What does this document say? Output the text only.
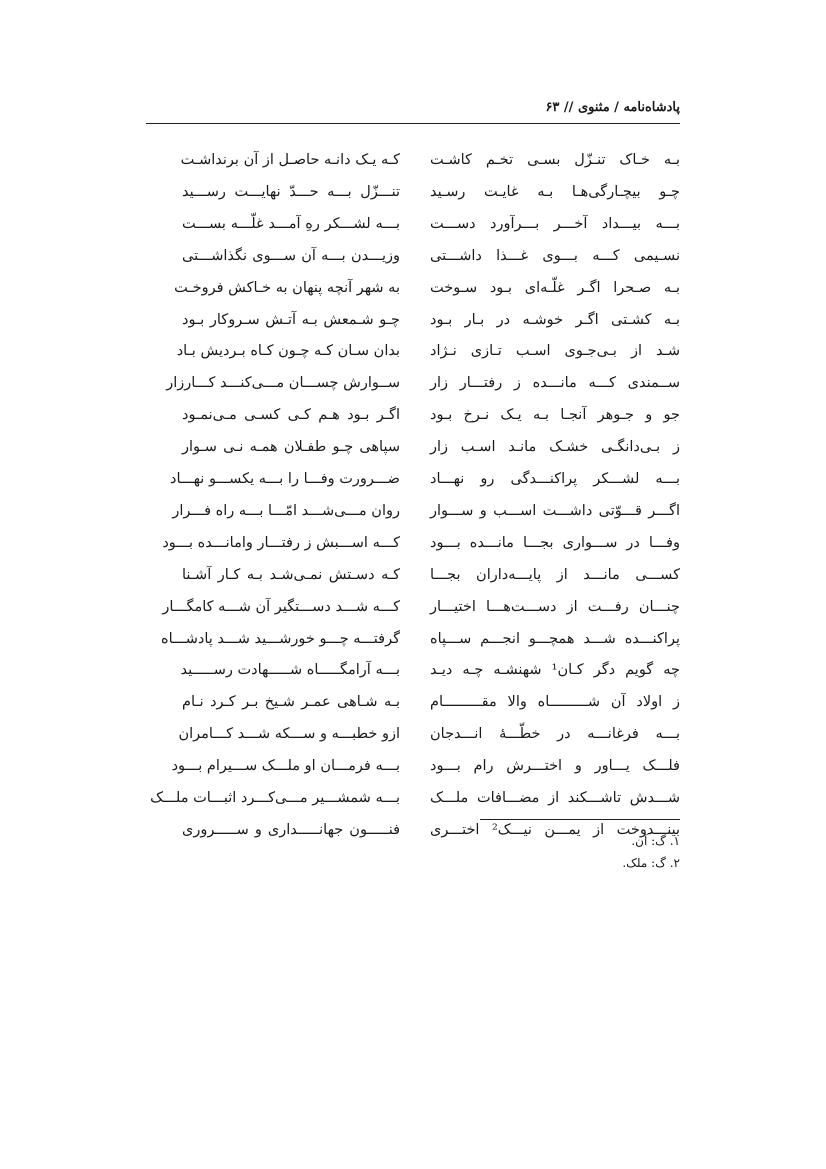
پادشاه‌نامه / مثنوی // ۶۳
بـه خـاک تنـزّل بسـی تخـم کاشـت
کـه یـک دانـه حاصـل از آن برنداشـت
چـو بیچـارگی‌هـا بـه غایـت رسـید
تنـــزّل بـــه حـــدّ نهایـــت رســـید
بـــه بیـــداد آخـــر بـــرآورد دســـت
بـــه لشـــکر رهِ آمـــد غلّـــه بســـت
نسـیمی کـــه بـــوی غـــذا داشـــتی
وزیـــدن بـــه آن ســـوی نگذاشـــتی
بـه صـحرا اگـر غلّـه‌ای بـود سـوخت
به شهر آنچه پنهان به خـاکش فروخـت
بـه کشـتی اگـر خوشـه در بـار بـود
چـو شـمعش بـه آتـش سـروکار بـود
شـد از بـی‌جـوی اسـب تـازی نـژاد
بدان سـان کـه چـون کـاه بـردیش بـاد
ســمندی کـــه مانـــده ز رفتـــار زار
ســوارش چســـان مـــی‌کنـــد کـــارزار
جو و جـوهر آنجـا بـه یـک نـرخ بـود
اگـر بـود هـم کـی کسـی مـی‌نمـود
ز بـی‌دانگـی خشـک مانـد اسـب زار
سپاهی چـو طفـلان همـه نـی سـوار
بـــه لشـــکر پراکنـــدگی رو نهـــاد
ضـــرورت وفـــا را بـــه یکســـو نهـــاد
اگـــر قـــوّتی داشـــت اســـب و ســـوار
روان مـــی‌شـــد امّـــا بـــه راه فـــرار
وفـــا در ســـواری بجـــا مانـــده بـــود
کـــه اســـبش ز رفتـــار وامانـــده بـــود
کســـی مانـــد از پایـــه‌داران بجـــا
کـه دسـتش نمـی‌شـد بـه کـار آشـنا
چنـــان رفـــت از دســـت‌هـــا اختیـــار
کـــه شـــد دســـتگیر آن شـــه کامگـــار
پراکنـــده شـــد همچـــو انجـــم ســـپاه
گرفتـــه چـــو خورشـــید شـــد پادشـــاه
چه گویم دگر کـان¹ شهنشـه چـه دیـد
بـــه آرامگـــــاه شـــــهادت رســـــید
ز اولاد آن شـــــــــاه والا مقـــــــــام
بـه شـاهی عمـر شـیخ بـر کـرد نـام
بـــه فرغانـــه در خطّـــهٔ انـــدجان
ازو خطبـــه و ســـکه شـــد کـــامران
فلـــک یـــاور و اختـــرش رام بـــود
بـــه فرمـــان او ملـــک ســـیرام بـــود
شـــدش تاشـــکند از مضـــافات ملـــک
بـــه شمشـــیر مـــی‌کـــرد اثبـــات ملـــک
بینـــدوخت از یمـــن نیـــک² اختـــری
فنـــــون جهانـــــداری و ســـــروری
۱. گ: آن.
۲. گ: ملک.
